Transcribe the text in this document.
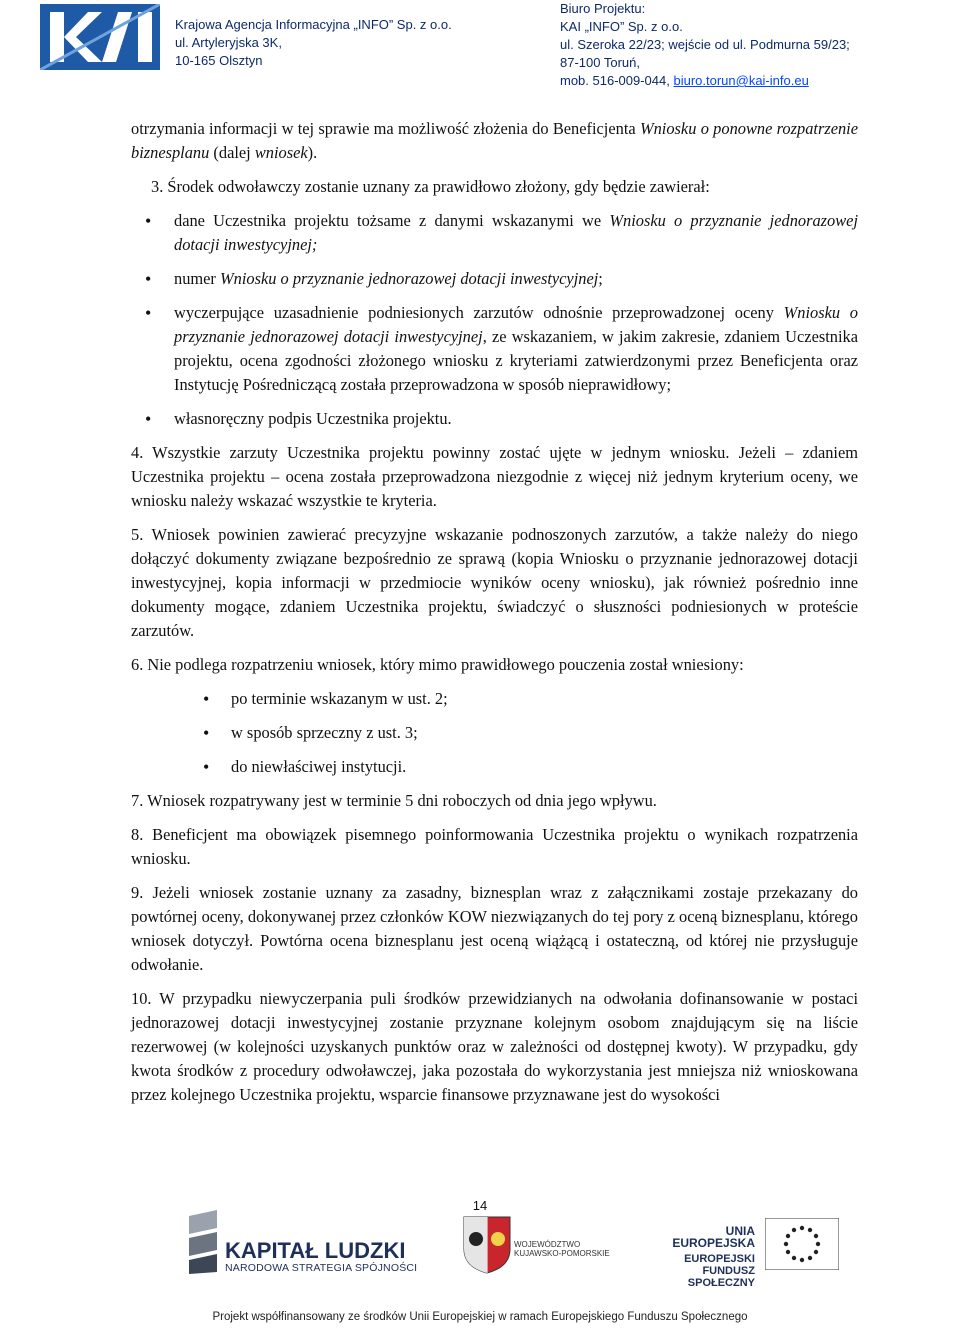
Krajowa Agencja Informacyjna „INFO” Sp. z o.o.
ul. Artyleryjska 3K,
10-165 Olsztyn
Biuro Projektu:
KAI „INFO” Sp. z o.o.
ul. Szeroka 22/23; wejście od ul. Podmurna 59/23;
87-100 Toruń,
mob. 516-009-044, biuro.torun@kai-info.eu

otrzymania informacji w tej sprawie ma możliwość złożenia do Beneficjenta Wniosku o ponowne rozpatrzenie biznesplanu (dalej wniosek).

3. Środek odwoławczy zostanie uznany za prawidłowo złożony, gdy będzie zawierał:

• dane Uczestnika projektu tożsame z danymi wskazanymi we Wniosku o przyznanie jednorazowej dotacji inwestycyjnej;
• numer Wniosku o przyznanie jednorazowej dotacji inwestycyjnej;
• wyczerpujące uzasadnienie podniesionych zarzutów odnośnie przeprowadzonej oceny Wniosku o przyznanie jednorazowej dotacji inwestycyjnej, ze wskazaniem, w jakim zakresie, zdaniem Uczestnika projektu, ocena zgodności złożonego wniosku z kryteriami zatwierdzonymi przez Beneficjenta oraz Instytucję Pośredniczącą została przeprowadzona w sposób nieprawidłowy;
• własnoręczny podpis Uczestnika projektu.

4. Wszystkie zarzuty Uczestnika projektu powinny zostać ujęte w jednym wniosku. Jeżeli – zdaniem Uczestnika projektu – ocena została przeprowadzona niezgodnie z więcej niż jednym kryterium oceny, we wniosku należy wskazać wszystkie te kryteria.

5. Wniosek powinien zawierać precyzyjne wskazanie podnoszonych zarzutów, a także należy do niego dołączyć dokumenty związane bezpośrednio ze sprawą (kopia Wniosku o przyznanie jednorazowej dotacji inwestycyjnej, kopia informacji w przedmiocie wyników oceny wniosku), jak również pośrednio inne dokumenty mogące, zdaniem Uczestnika projektu, świadczyć o słuszności podniesionych w proteście zarzutów.

6. Nie podlega rozpatrzeniu wniosek, który mimo prawidłowego pouczenia został wniesiony:

• po terminie wskazanym w ust. 2;
• w sposób sprzeczny z ust. 3;
• do niewłaściwej instytucji.

7. Wniosek rozpatrywany jest w terminie 5 dni roboczych od dnia jego wpływu.

8. Beneficjent ma obowiązek pisemnego poinformowania Uczestnika projektu o wynikach rozpatrzenia wniosku.

9. Jeżeli wniosek zostanie uznany za zasadny, biznesplan wraz z załącznikami zostaje przekazany do powtórnej oceny, dokonywanej przez członków KOW niezwiązanych do tej pory z oceną biznesplanu, którego wniosek dotyczył. Powtórna ocena biznesplanu jest oceną wiążącą i ostateczną, od której nie przysługuje odwołanie.

10. W przypadku niewyczerpania puli środków przewidzianych na odwołania dofinansowanie w postaci jednorazowej dotacji inwestycyjnej zostanie przyznane kolejnym osobom znajdującym się na liście rezerwowej (w kolejności uzyskanych punktów oraz w zależności od dostępnej kwoty). W przypadku, gdy kwota środków z procedury odwoławczej, jaka pozostała do wykorzystania jest mniejsza niż wnioskowana przez kolejnego Uczestnika projektu, wsparcie finansowe przyznawane jest do wysokości

14
KAPITAŁ LUDZKI
NARODOWA STRATEGIA SPÓJNOŚCI
WOJEWÓDZTWO
KUJAWSKO-POMORSKIE
UNIA EUROPEJSKA
EUROPEJSKI
FUNDUSZ SPOŁECZNY
Projekt współfinansowany ze środków Unii Europejskiej w ramach Europejskiego Funduszu Społecznego
